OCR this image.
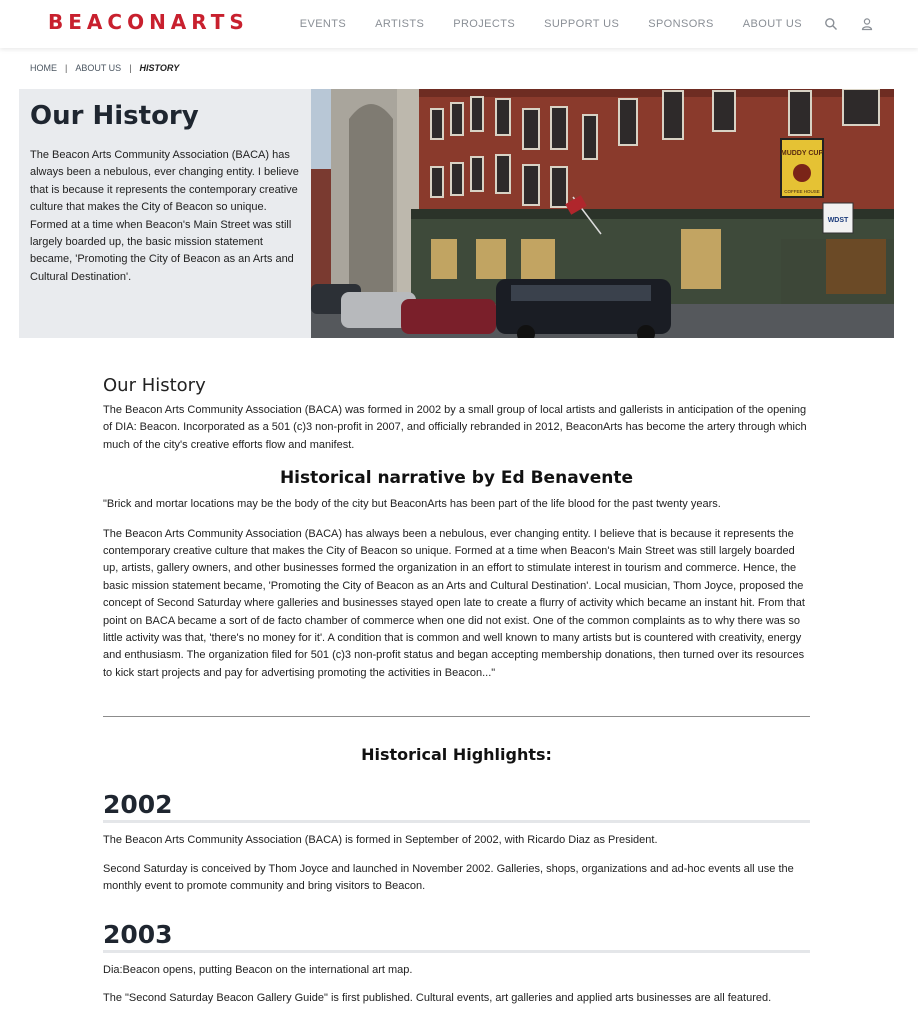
BEACONARTS	EVENTS	ARTISTS	PROJECTS	SUPPORT US	SPONSORS	ABOUT US
HOME | ABOUT US | HISTORY
Our History
The Beacon Arts Community Association (BACA) has always been a nebulous, ever changing entity. I believe that is because it represents the contemporary creative culture that makes the City of Beacon so unique. Formed at a time when Beacon's Main Street was still largely boarded up, the basic mission statement became, 'Promoting the City of Beacon as an Arts and Cultural Destination'.
MUDDY CUP
COFFEE HOUSE
WDST
Our History
The Beacon Arts Community Association (BACA) was formed in 2002 by a small group of local artists and gallerists in anticipation of the opening of DIA: Beacon. Incorporated as a 501 (c)3 non-profit in 2007, and officially rebranded in 2012, BeaconArts has become the artery through which much of the city's creative efforts flow and manifest.
Historical narrative by Ed Benavente
"Brick and mortar locations may be the body of the city but BeaconArts has been part of the life blood for the past twenty years.
The Beacon Arts Community Association (BACA) has always been a nebulous, ever changing entity. I believe that is because it represents the contemporary creative culture that makes the City of Beacon so unique. Formed at a time when Beacon's Main Street was still largely boarded up, artists, gallery owners, and other businesses formed the organization in an effort to stimulate interest in tourism and commerce. Hence, the basic mission statement became, 'Promoting the City of Beacon as an Arts and Cultural Destination'. Local musician, Thom Joyce, proposed the concept of Second Saturday where galleries and businesses stayed open late to create a flurry of activity which became an instant hit. From that point on BACA became a sort of de facto chamber of commerce when one did not exist. One of the common complaints as to why there was so little activity was that, 'there's no money for it'. A condition that is common and well known to many artists but is countered with creativity, energy and enthusiasm. The organization filed for 501 (c)3 non-profit status and began accepting membership donations, then turned over its resources to kick start projects and pay for advertising promoting the activities in Beacon..."
Historical Highlights:
2002
The Beacon Arts Community Association (BACA) is formed in September of 2002, with Ricardo Diaz as President.
Second Saturday is conceived by Thom Joyce and launched in November 2002. Galleries, shops, organizations and ad-hoc events all use the monthly event to promote community and bring visitors to Beacon.
2003
Dia:Beacon opens, putting Beacon on the international art map.
The "Second Saturday Beacon Gallery Guide" is first published. Cultural events, art galleries and applied arts businesses are all featured.
